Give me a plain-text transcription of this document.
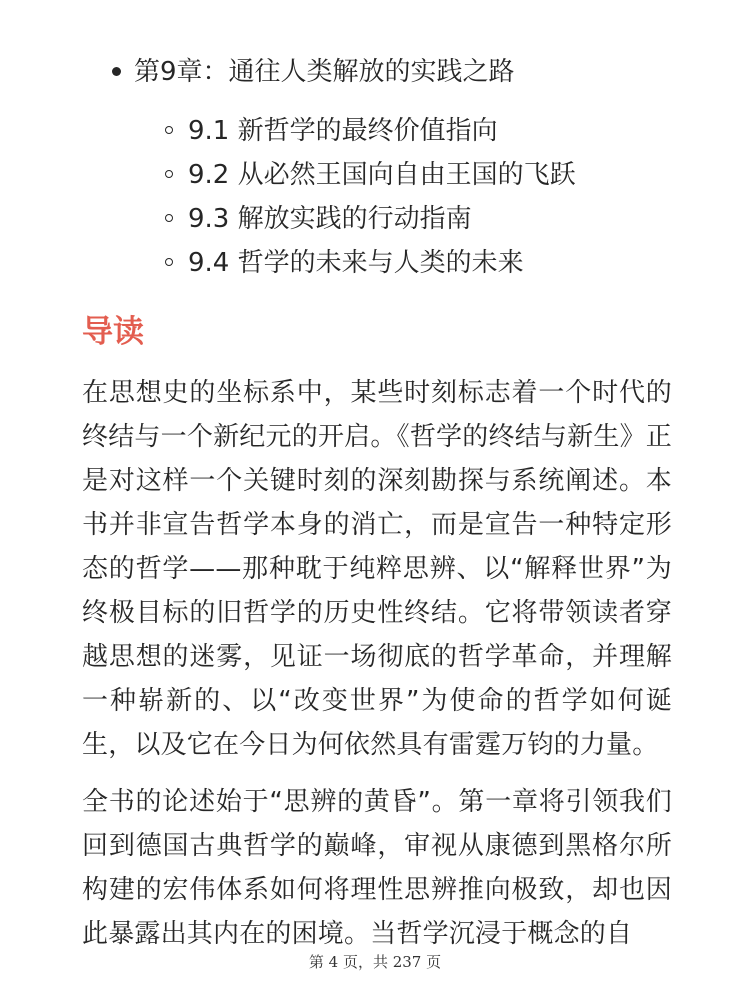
第9章：通往人类解放的实践之路
9.1 新哲学的最终价值指向
9.2 从必然王国向自由王国的飞跃
9.3 解放实践的行动指南
9.4 哲学的未来与人类的未来
导读
在思想史的坐标系中，某些时刻标志着一个时代的终结与一个新纪元的开启。《哲学的终结与新生》正是对这样一个关键时刻的深刻勘探与系统阐述。本书并非宣告哲学本身的消亡，而是宣告一种特定形态的哲学——那种耽于纯粹思辨、以“解释世界”为终极目标的旧哲学的历史性终结。它将带领读者穿越思想的迷雾，见证一场彻底的哲学革命，并理解一种崭新的、以“改变世界”为使命的哲学如何诞生，以及它在今日为何依然具有雷霆万钧的力量。
全书的论述始于“思辨的黄昏”。第一章将引领我们回到德国古典哲学的巅峰，审视从康德到黑格尔所构建的宏伟体系如何将理性思辨推向极致，却也因此暴露出其内在的困境。当哲学沉浸于概念的自
第 4 页，共 237 页
